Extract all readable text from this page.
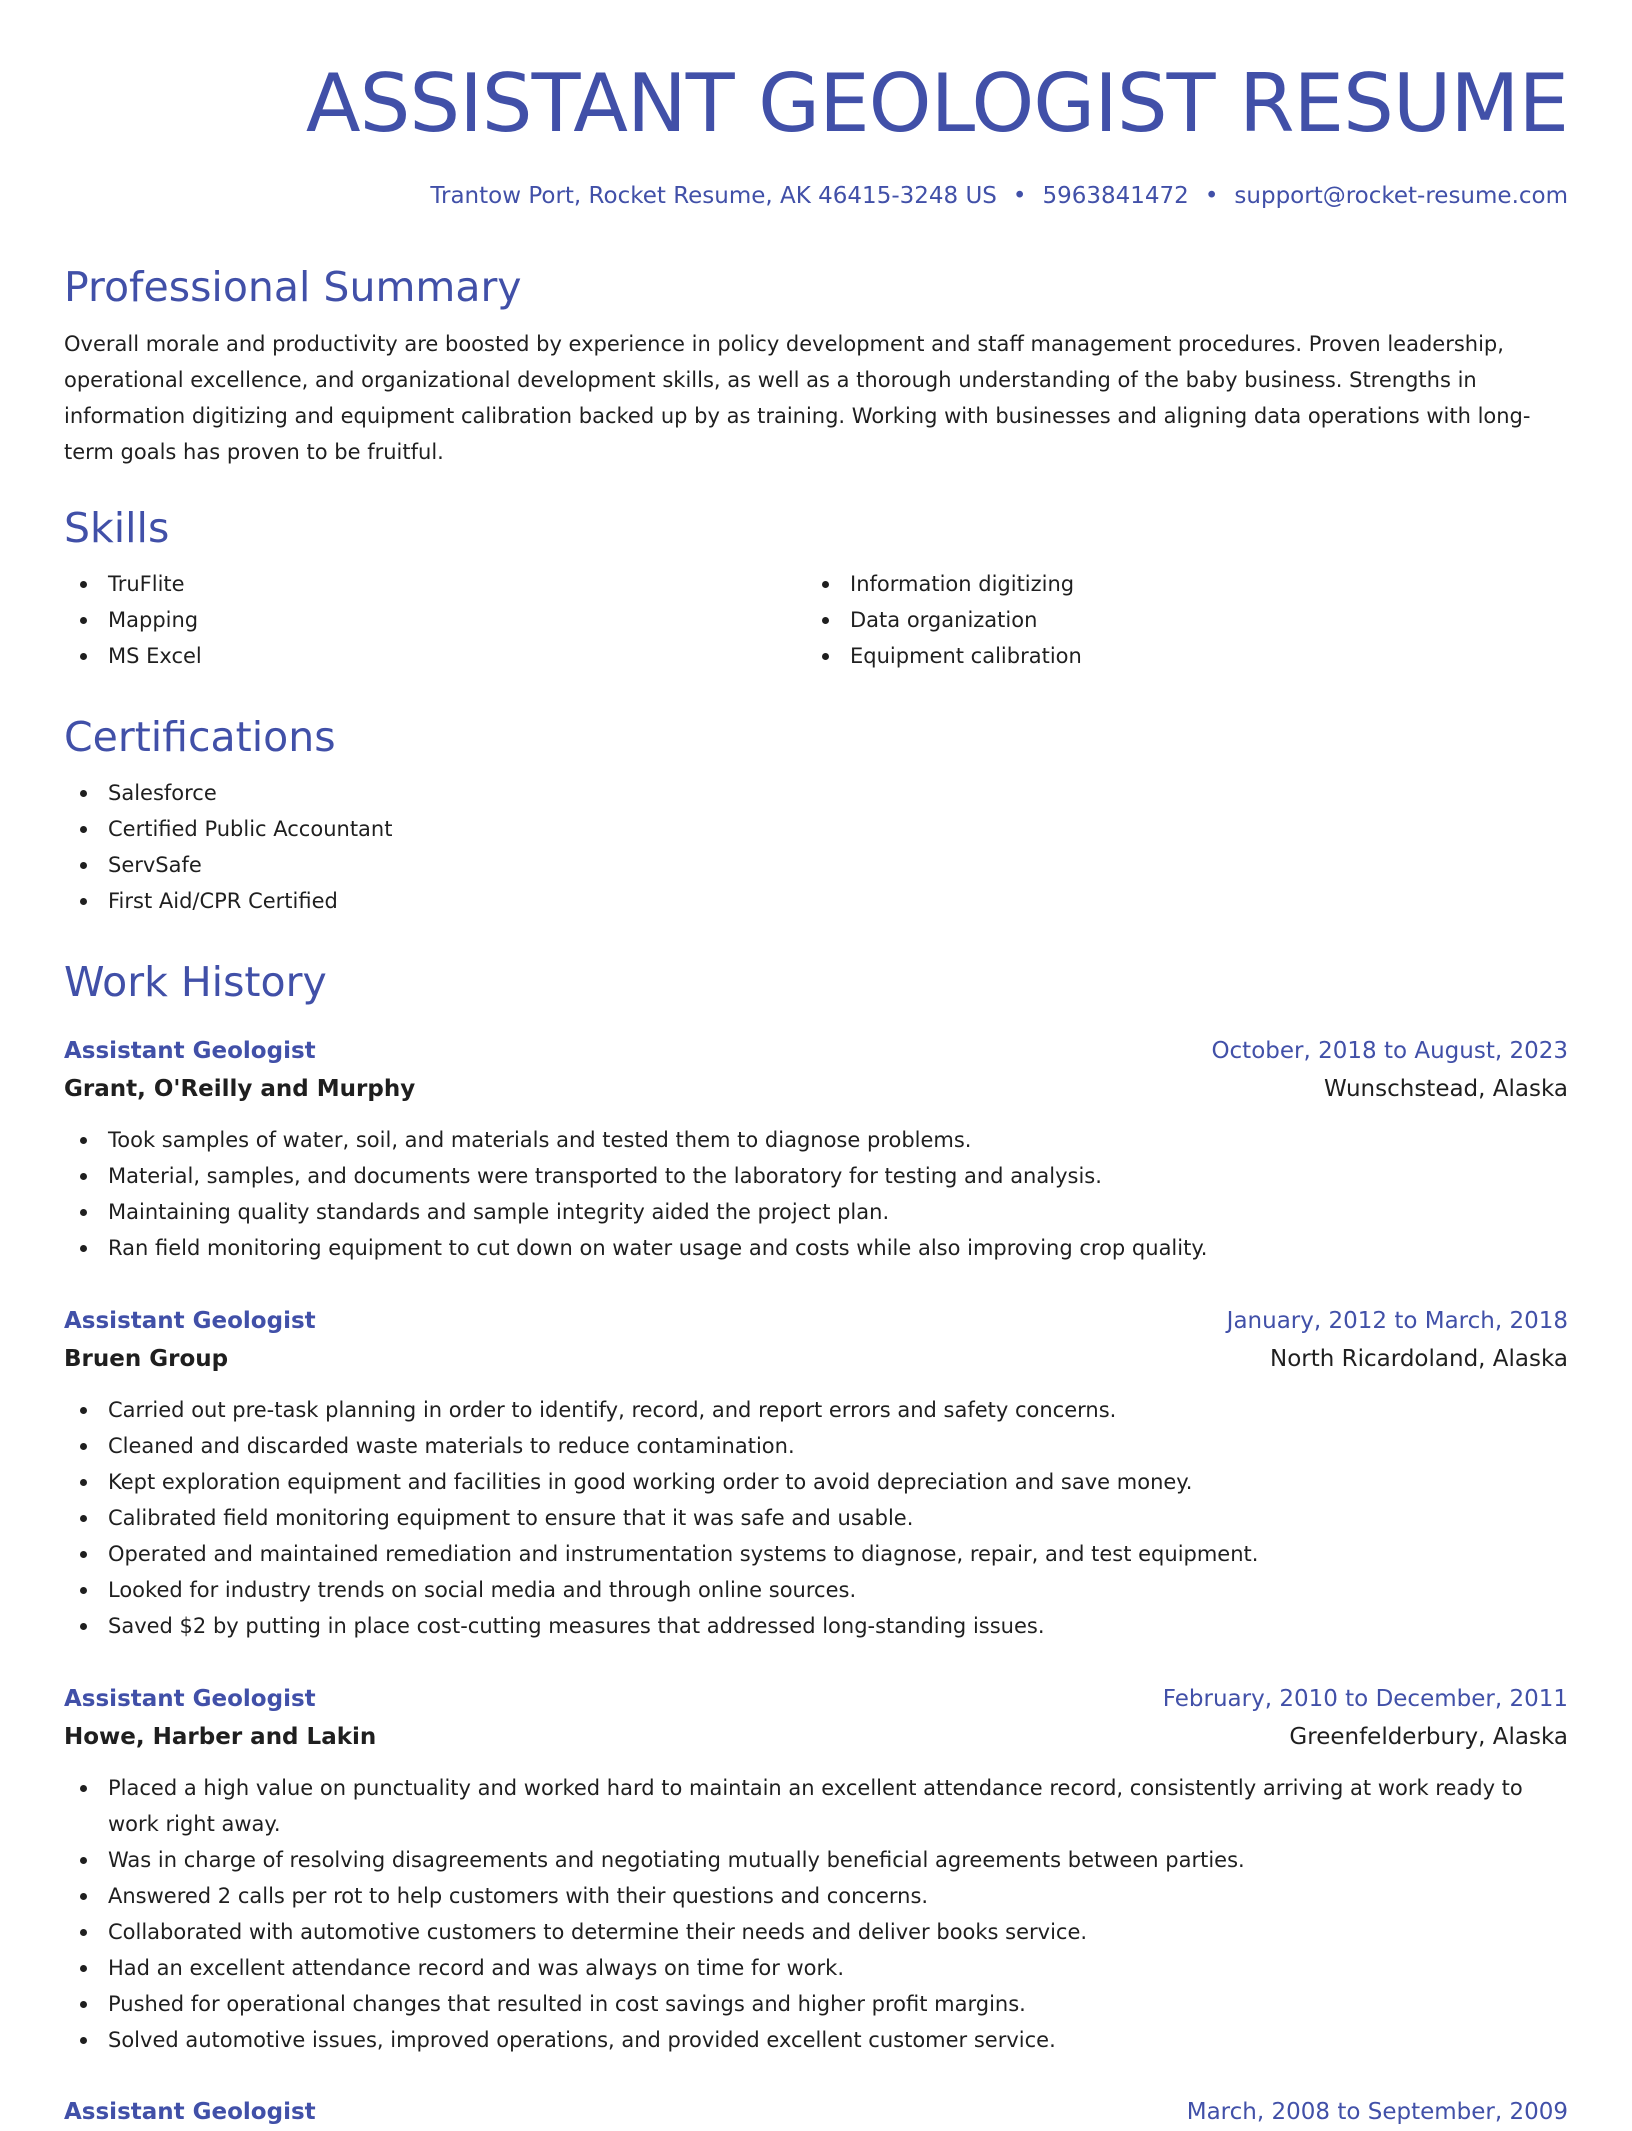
ASSISTANT GEOLOGIST RESUME
Trantow Port, Rocket Resume, AK 46415-3248 US • 5963841472 • support@rocket-resume.com
Professional Summary

Overall morale and productivity are boosted by experience in policy development and staff management procedures. Proven leadership, operational excellence, and organizational development skills, as well as a thorough understanding of the baby business. Strengths in information digitizing and equipment calibration backed up by as training. Working with businesses and aligning data operations with long-term goals has proven to be fruitful.

Skills
TruFlite
Mapping
MS Excel
Information digitizing
Data organization
Equipment calibration
Certifications
Salesforce
Certified Public Accountant
ServSafe
First Aid/CPR Certified
Work History
Assistant Geologist	October, 2018 to August, 2023
Grant, O'Reilly and Murphy	Wunschstead, Alaska
Took samples of water, soil, and materials and tested them to diagnose problems.
Material, samples, and documents were transported to the laboratory for testing and analysis.
Maintaining quality standards and sample integrity aided the project plan.
Ran field monitoring equipment to cut down on water usage and costs while also improving crop quality.
Assistant Geologist	January, 2012 to March, 2018
Bruen Group	North Ricardoland, Alaska
Carried out pre-task planning in order to identify, record, and report errors and safety concerns.
Cleaned and discarded waste materials to reduce contamination.
Kept exploration equipment and facilities in good working order to avoid depreciation and save money.
Calibrated field monitoring equipment to ensure that it was safe and usable.
Operated and maintained remediation and instrumentation systems to diagnose, repair, and test equipment.
Looked for industry trends on social media and through online sources.
Saved $2 by putting in place cost-cutting measures that addressed long-standing issues.
Assistant Geologist	February, 2010 to December, 2011
Howe, Harber and Lakin	Greenfelderbury, Alaska
Placed a high value on punctuality and worked hard to maintain an excellent attendance record, consistently arriving at work ready to work right away.
Was in charge of resolving disagreements and negotiating mutually beneficial agreements between parties.
Answered 2 calls per rot to help customers with their questions and concerns.
Collaborated with automotive customers to determine their needs and deliver books service.
Had an excellent attendance record and was always on time for work.
Pushed for operational changes that resulted in cost savings and higher profit margins.
Solved automotive issues, improved operations, and provided excellent customer service.
Assistant Geologist	March, 2008 to September, 2009
